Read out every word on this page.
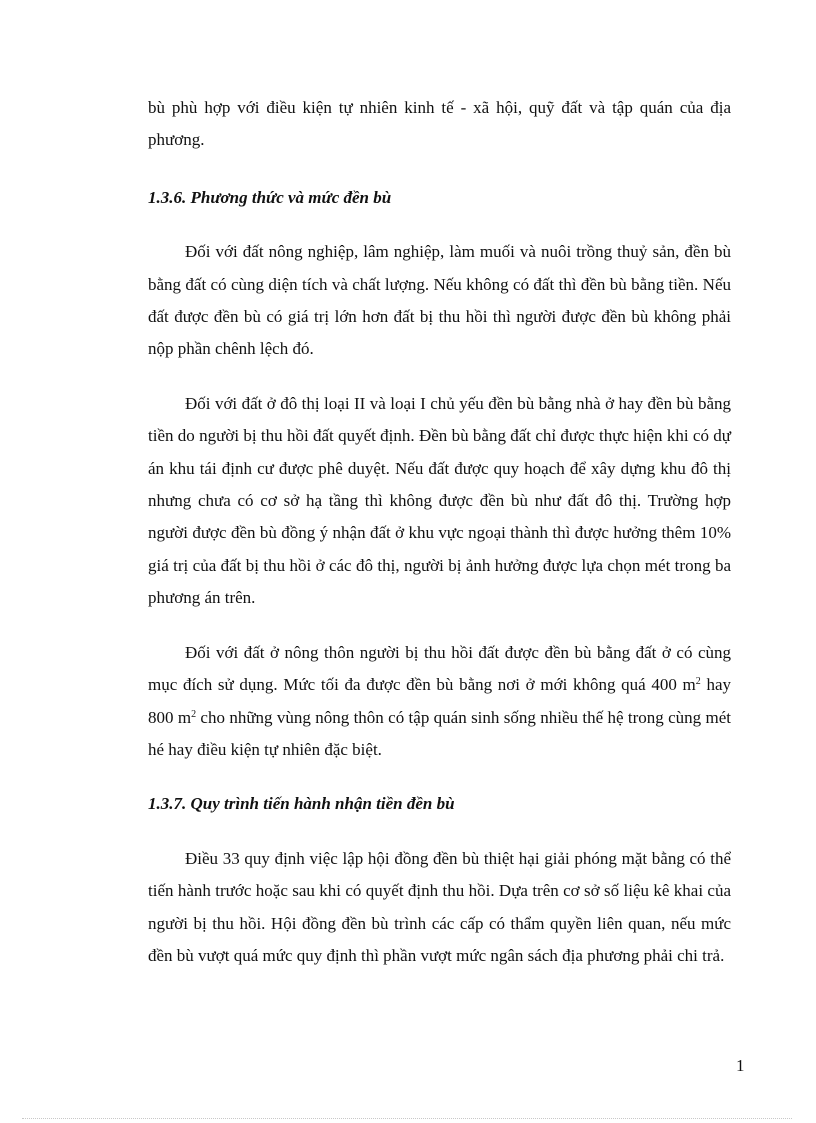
bù phù hợp với điều kiện tự nhiên kinh tế - xã hội, quỹ đất và tập quán của địa phương.

1.3.6. Phương thức và mức đền bù

Đối với đất nông nghiệp, lâm nghiệp, làm muối và nuôi trồng thuỷ sản, đền bù bằng đất có cùng diện tích và chất lượng. Nếu không có đất thì đền bù bằng tiền. Nếu đất được đền bù có giá trị lớn hơn đất bị thu hồi thì người được đền bù không phải nộp phần chênh lệch đó.

Đối với đất ở đô thị loại II và loại I chủ yếu đền bù bằng nhà ở hay đền bù bằng tiền do người bị thu hồi đất quyết định. Đền bù bằng đất chỉ được thực hiện khi có dự án khu tái định cư được phê duyệt. Nếu đất được quy hoạch để xây dựng khu đô thị nhưng chưa có cơ sở hạ tầng thì không được đền bù như đất đô thị. Trường hợp người được đền bù đồng ý nhận đất ở khu vực ngoại thành thì được hưởng thêm 10% giá trị của đất bị thu hồi ở các đô thị, người bị ảnh hưởng được lựa chọn mét trong ba phương án trên.

Đối với đất ở nông thôn người bị thu hồi đất được đền bù bằng đất ở có cùng mục đích sử dụng. Mức tối đa được đền bù bằng nơi ở mới không quá 400 $m^2$ hay 800 $m^2$ cho những vùng nông thôn có tập quán sinh sống nhiều thế hệ trong cùng mét hé hay điều kiện tự nhiên đặc biệt.

1.3.7. Quy trình tiến hành nhận tiền đền bù

Điều 33 quy định việc lập hội đồng đền bù thiệt hại giải phóng mặt bằng có thể tiến hành trước hoặc sau khi có quyết định thu hồi. Dựa trên cơ sở số liệu kê khai của người bị thu hồi. Hội đồng đền bù trình các cấp có thẩm quyền liên quan, nếu mức đền bù vượt quá mức quy định thì phần vượt mức ngân sách địa phương phải chi trả.

1
